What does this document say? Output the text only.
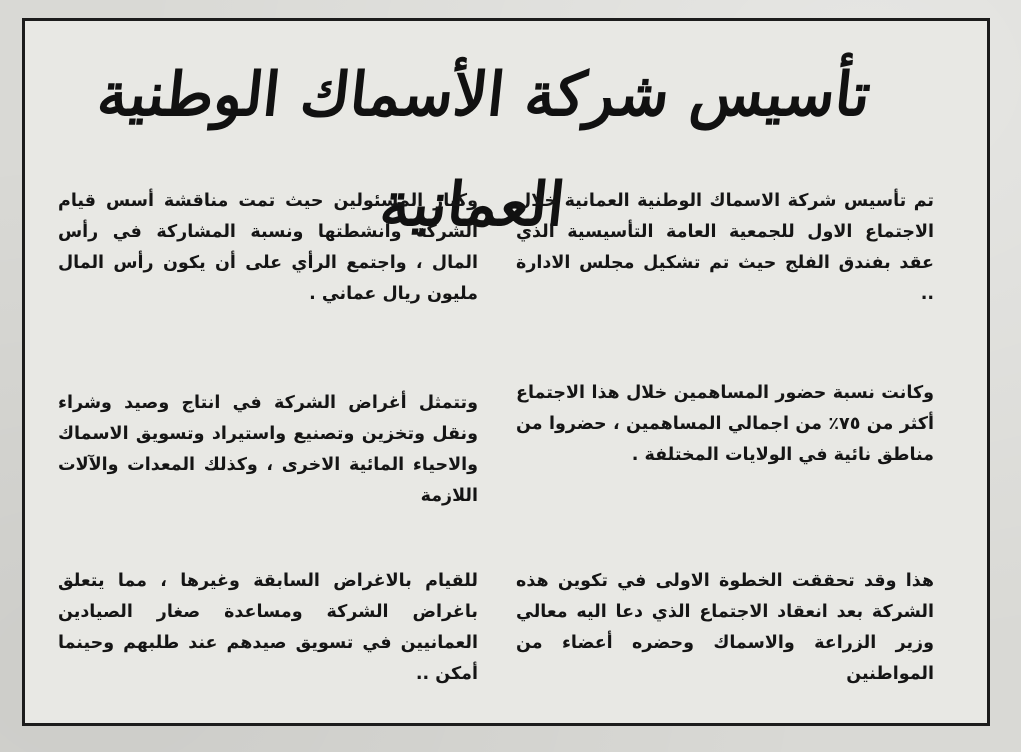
تأسيس شركة الأسماك الوطنية العمانية

تم تأسيس شركة الاسماك الوطنية العمانية خلال الاجتماع الاول للجمعية العامة التأسيسية الذي عقد بفندق الفلج حيث تم تشكيل مجلس الادارة ..

وكانت نسبة حضور المساهمين خلال هذا الاجتماع أكثر من ٧٥٪ من اجمالي المساهمين ، حضروا من مناطق نائية في الولايات المختلفة .

هذا وقد تحققت الخطوة الاولى في تكوين هذه الشركة بعد انعقاد الاجتماع الذي دعا اليه معالي وزير الزراعة والاسماك وحضره أعضاء من المواطنين

وكبار المسئولين حيث تمت مناقشة أسس قيام الشركة وأنشطتها ونسبة المشاركة في رأس المال ، واجتمع الرأي على أن يكون رأس المال مليون ريال عماني .

وتتمثل أغراض الشركة في انتاج وصيد وشراء ونقل وتخزين وتصنيع واستيراد وتسويق الاسماك والاحياء المائية الاخرى ، وكذلك المعدات والآلات اللازمة

للقيام بالاغراض السابقة وغيرها ، مما يتعلق باغراض الشركة ومساعدة صغار الصيادين العمانيين في تسويق صيدهم عند طلبهم وحينما أمكن ..
